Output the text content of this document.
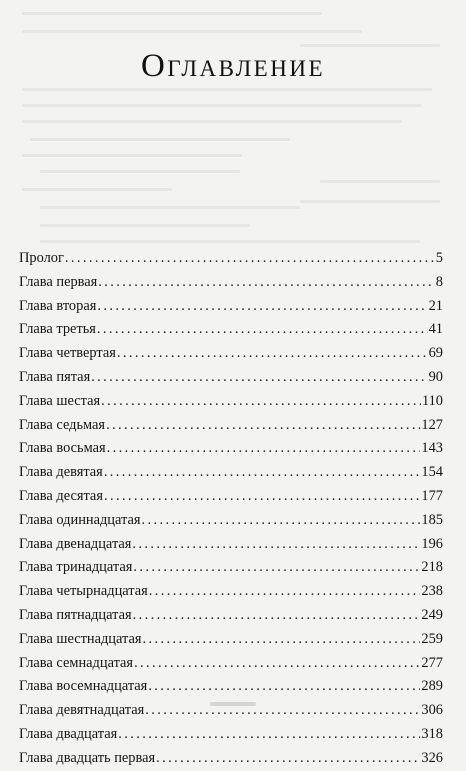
Оглавление
Пролог . . .	5
Глава первая . . .	8
Глава вторая . . .	21
Глава третья . . .	41
Глава четвертая . . .	69
Глава пятая . . .	90
Глава шестая . . .	110
Глава седьмая . . .	127
Глава восьмая . . .	143
Глава девятая . . .	154
Глава десятая . . .	177
Глава одиннадцатая . . .	185
Глава двенадцатая . . .	196
Глава тринадцатая . . .	218
Глава четырнадцатая . . .	238
Глава пятнадцатая . . .	249
Глава шестнадцатая . . .	259
Глава семнадцатая . . .	277
Глава восемнадцатая . . .	289
Глава девятнадцатая . . .	306
Глава двадцатая . . .	318
Глава двадцать первая . . .	326
